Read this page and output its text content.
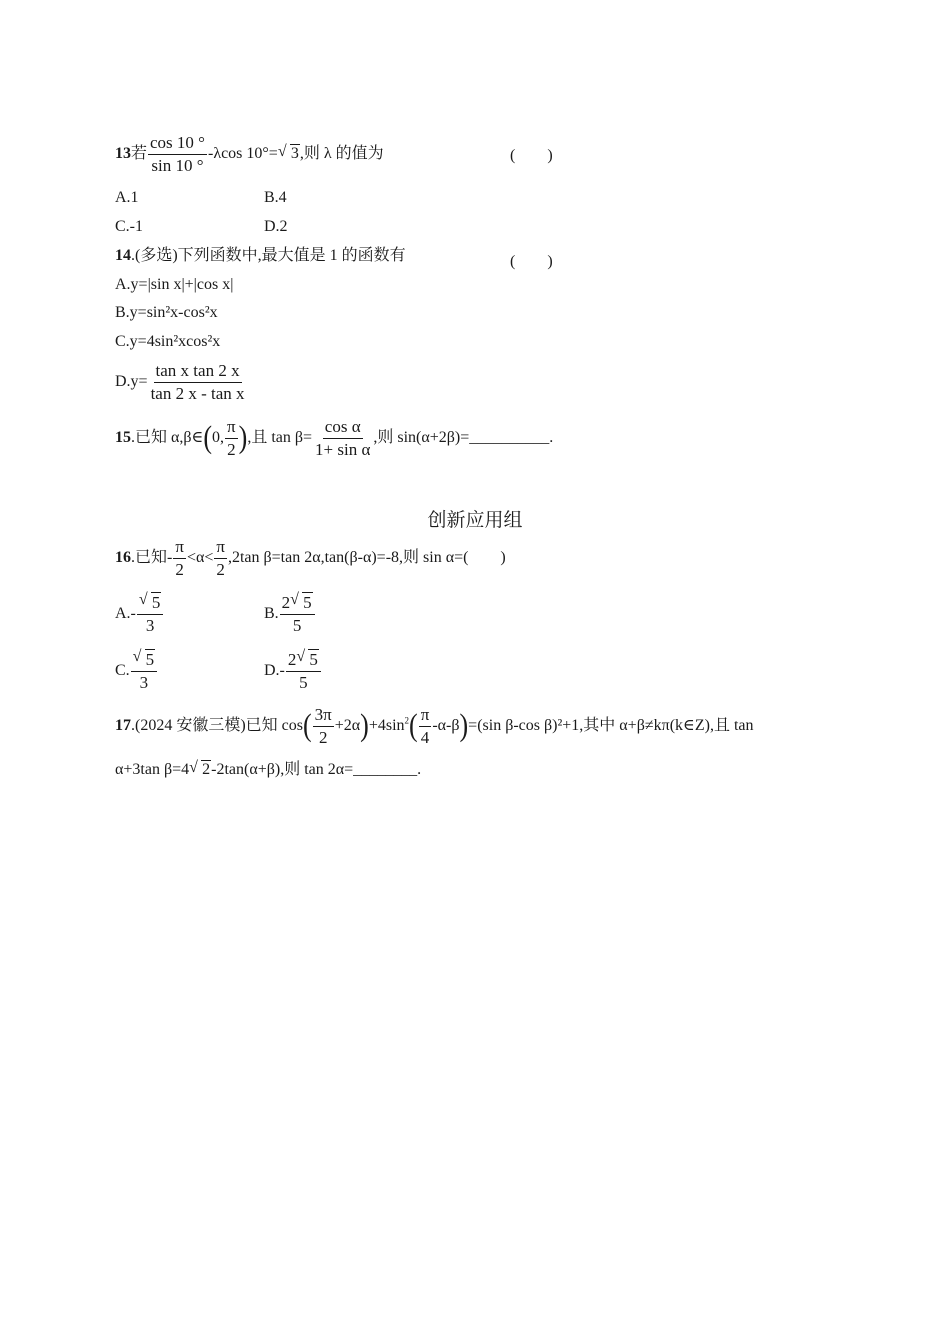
13若 $\frac{\cos 10 ^\circ}{\sin 10 ^\circ} -\lambda\cos$ 10°= √ 3,则 λ 的值为	(　　)
A.1	B.4
C.-1	D.2
14.(多选)下列函数中,最大值是 1 的函数有	(　　)
A.y=|sin x|+|cos x|
B.y=sin²x-cos²x
C.y=4sin²xcos²x
$D.y= \frac{\text{tan x tan 2 x}}{\text{tan 2 x - tan x}}$
15.已知 α,β∈(0, $\frac{\pi}{2}$ ),且 $\tan \beta= \frac{\text{cos α}}{\text{1+ sin α}}$ ,则 sin(α+2β)=__________.
创新应用组
16.已知- $\frac{\pi}{2} <\alpha< \frac{\pi}{2} ,2\tan$ β=tan 2α,tan(β-α)=-8,则 sin α=(　　)
$A.- \frac{√ 5}{3}$	B. $\frac{2 √ 5}{5}$
C. $\frac{√ 5}{3}$	$D.- \frac{2 √ 5}{5}$
17.(2024 安徽三模)已知 $\cos( \frac{3\pi}{2} +2\alpha)+4\sin^2( \frac{\pi}{4} -\alpha-\beta)=(\sin$ β-cos β)²+1,其中 α+β≠kπ(k∈Z),且 tan
α+3tan β=4 √ 2-2tan(α+β),则 tan 2α=________.
